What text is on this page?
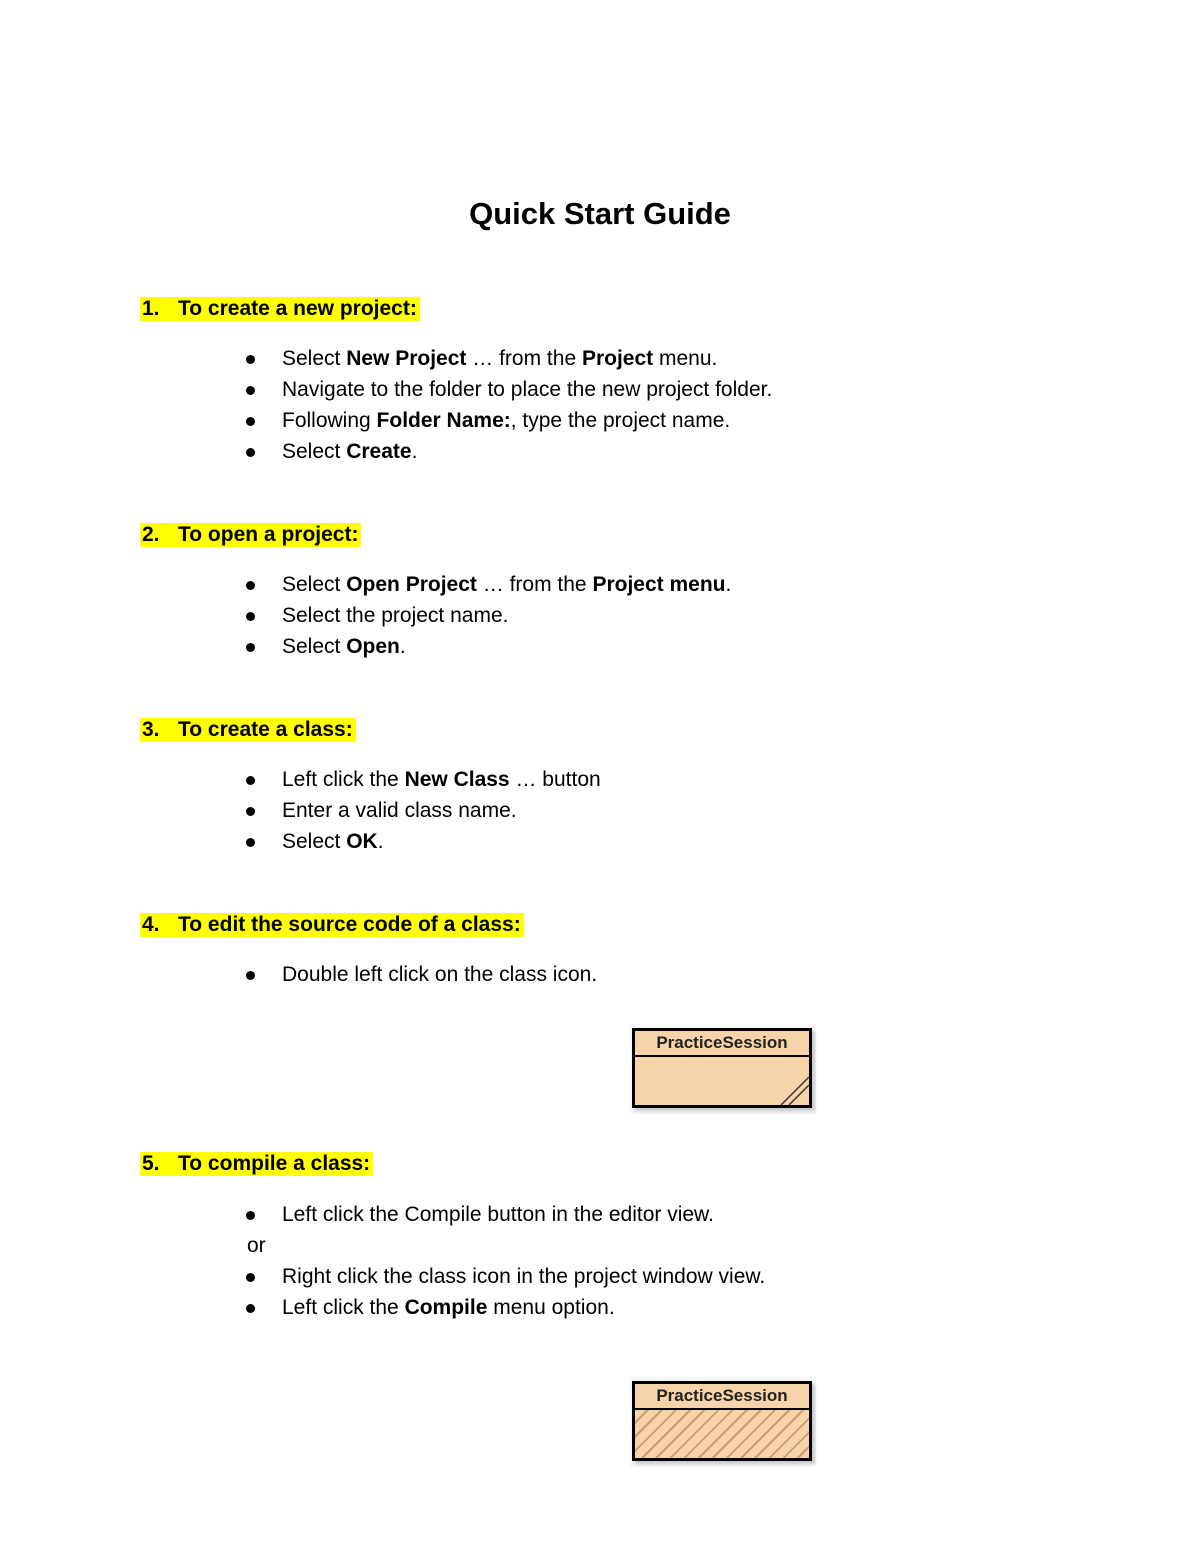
Quick Start Guide
1. To create a new project:
Select New Project … from the Project menu.
Navigate to the folder to place the new project folder.
Following Folder Name:, type the project name.
Select Create.
2. To open a project:
Select Open Project … from the Project menu.
Select the project name.
Select Open.
3. To create a class:
Left click the New Class … button
Enter a valid class name.
Select OK.
4. To edit the source code of a class:
Double left click on the class icon.
PracticeSession
5. To compile a class:
Left click the Compile button in the editor view.
or
Right click the class icon in the project window view.
Left click the Compile menu option.
PracticeSession
